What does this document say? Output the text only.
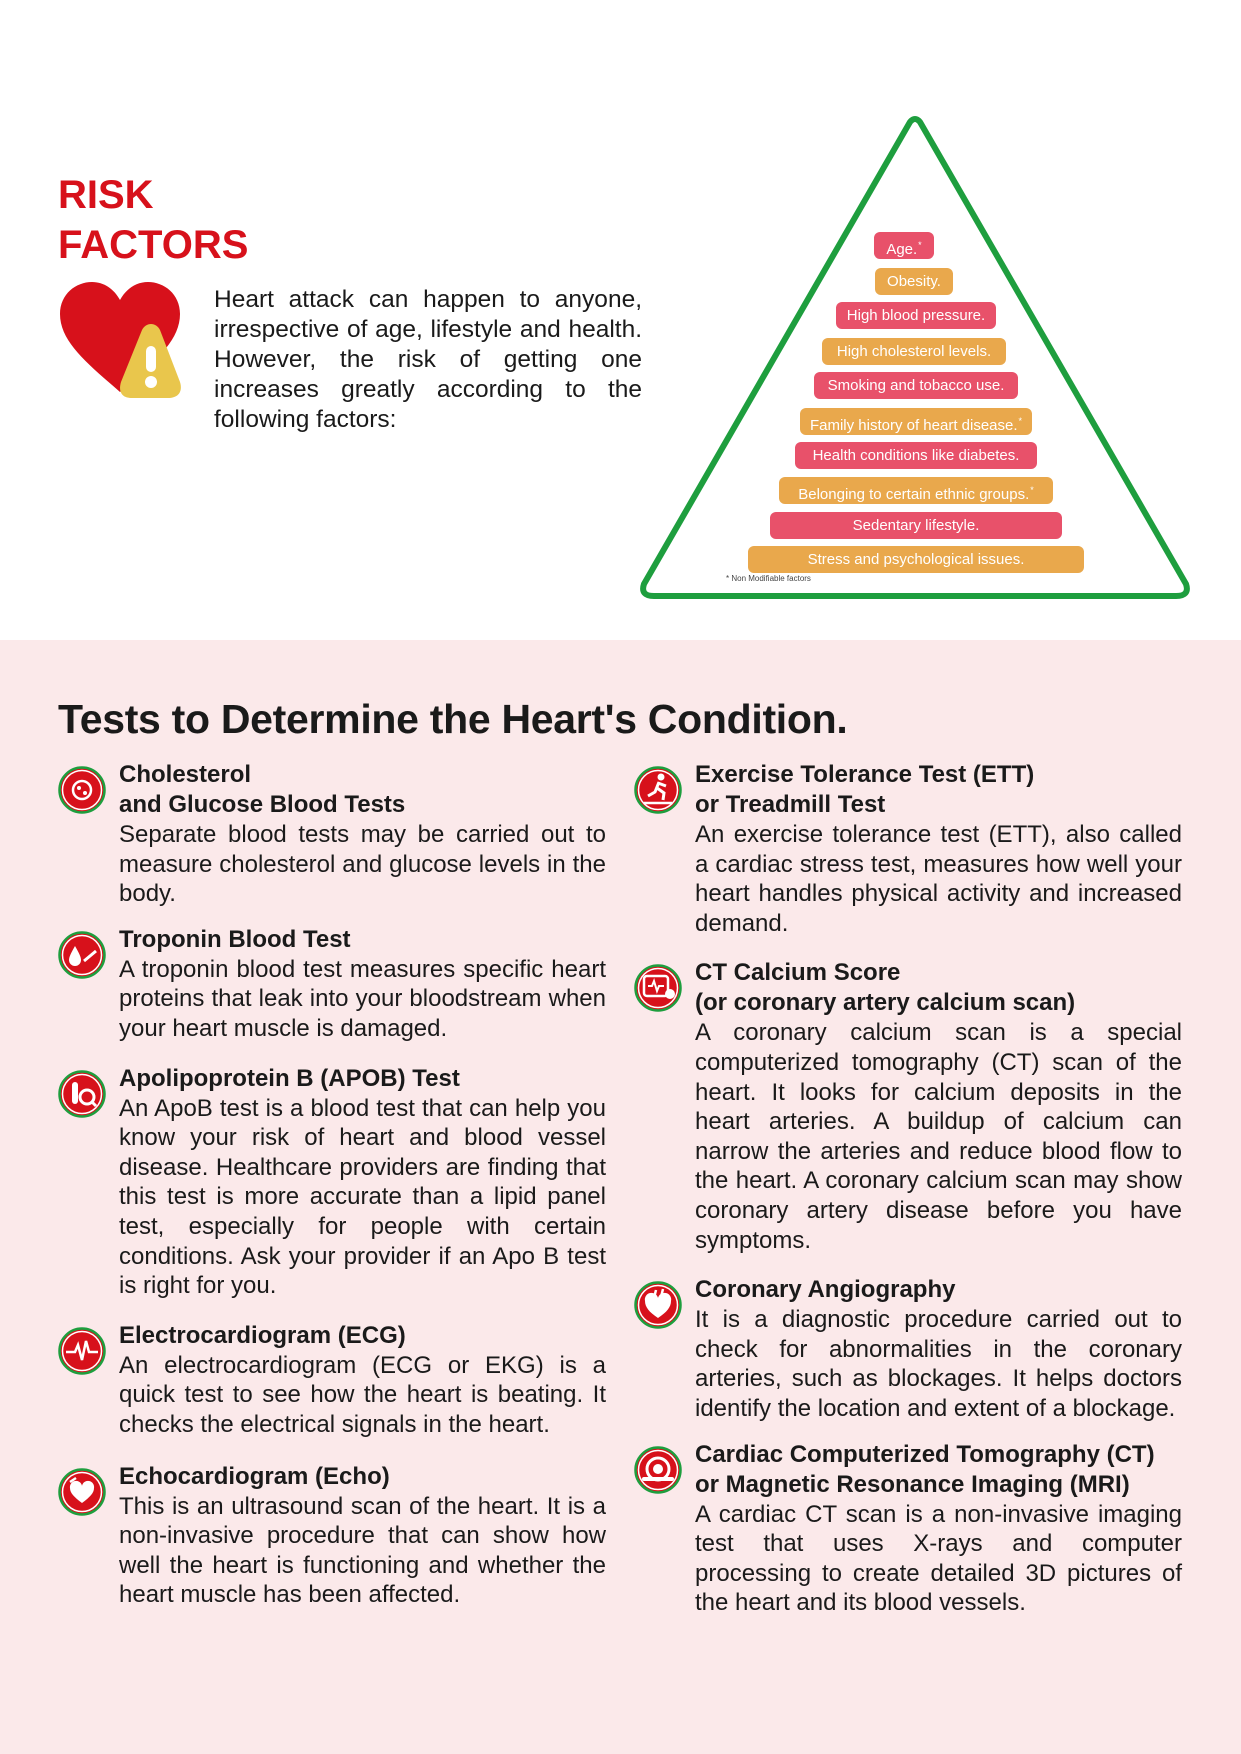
RISK
FACTORS

Heart attack can happen to anyone, irrespective of age, lifestyle and health. However, the risk of getting one increases greatly according to the following factors:

Age.*
Obesity.
High blood pressure.
High cholesterol levels.
Smoking and tobacco use.
Family history of heart disease.*
Health conditions like diabetes.
Belonging to certain ethnic groups.*
Sedentary lifestyle.
Stress and psychological issues.
* Non Modifiable factors
Tests to Determine the Heart's Condition.
Cholesterol
and Glucose Blood Tests

Separate blood tests may be carried out to measure cholesterol and glucose levels in the body.

Troponin Blood Test

A troponin blood test measures specific heart proteins that leak into your bloodstream when your heart muscle is damaged.

Apolipoprotein B (APOB) Test

An ApoB test is a blood test that can help you know your risk of heart and blood vessel disease. Healthcare providers are finding that this test is more accurate than a lipid panel test, especially for people with certain conditions. Ask your provider if an Apo B test is right for you.

Electrocardiogram (ECG)

An electrocardiogram (ECG or EKG) is a quick test to see how the heart is beating. It checks the electrical signals in the heart.

Echocardiogram (Echo)

This is an ultrasound scan of the heart. It is a non-invasive procedure that can show how well the heart is functioning and whether the heart muscle has been affected.

Exercise Tolerance Test (ETT)
or Treadmill Test

An exercise tolerance test (ETT), also called a cardiac stress test, measures how well your heart handles physical activity and increased demand.

CT Calcium Score
(or coronary artery calcium scan)

A coronary calcium scan is a special computerized tomography (CT) scan of the heart. It looks for calcium deposits in the heart arteries. A buildup of calcium can narrow the arteries and reduce blood flow to the heart. A coronary calcium scan may show coronary artery disease before you have symptoms.

Coronary Angiography

It is a diagnostic procedure carried out to check for abnormalities in the coronary arteries, such as blockages. It helps doctors identify the location and extent of a blockage.

Cardiac Computerized Tomography (CT)
or Magnetic Resonance Imaging (MRI)

A cardiac CT scan is a non-invasive imaging test that uses X-rays and computer processing to create detailed 3D pictures of the heart and its blood vessels.
